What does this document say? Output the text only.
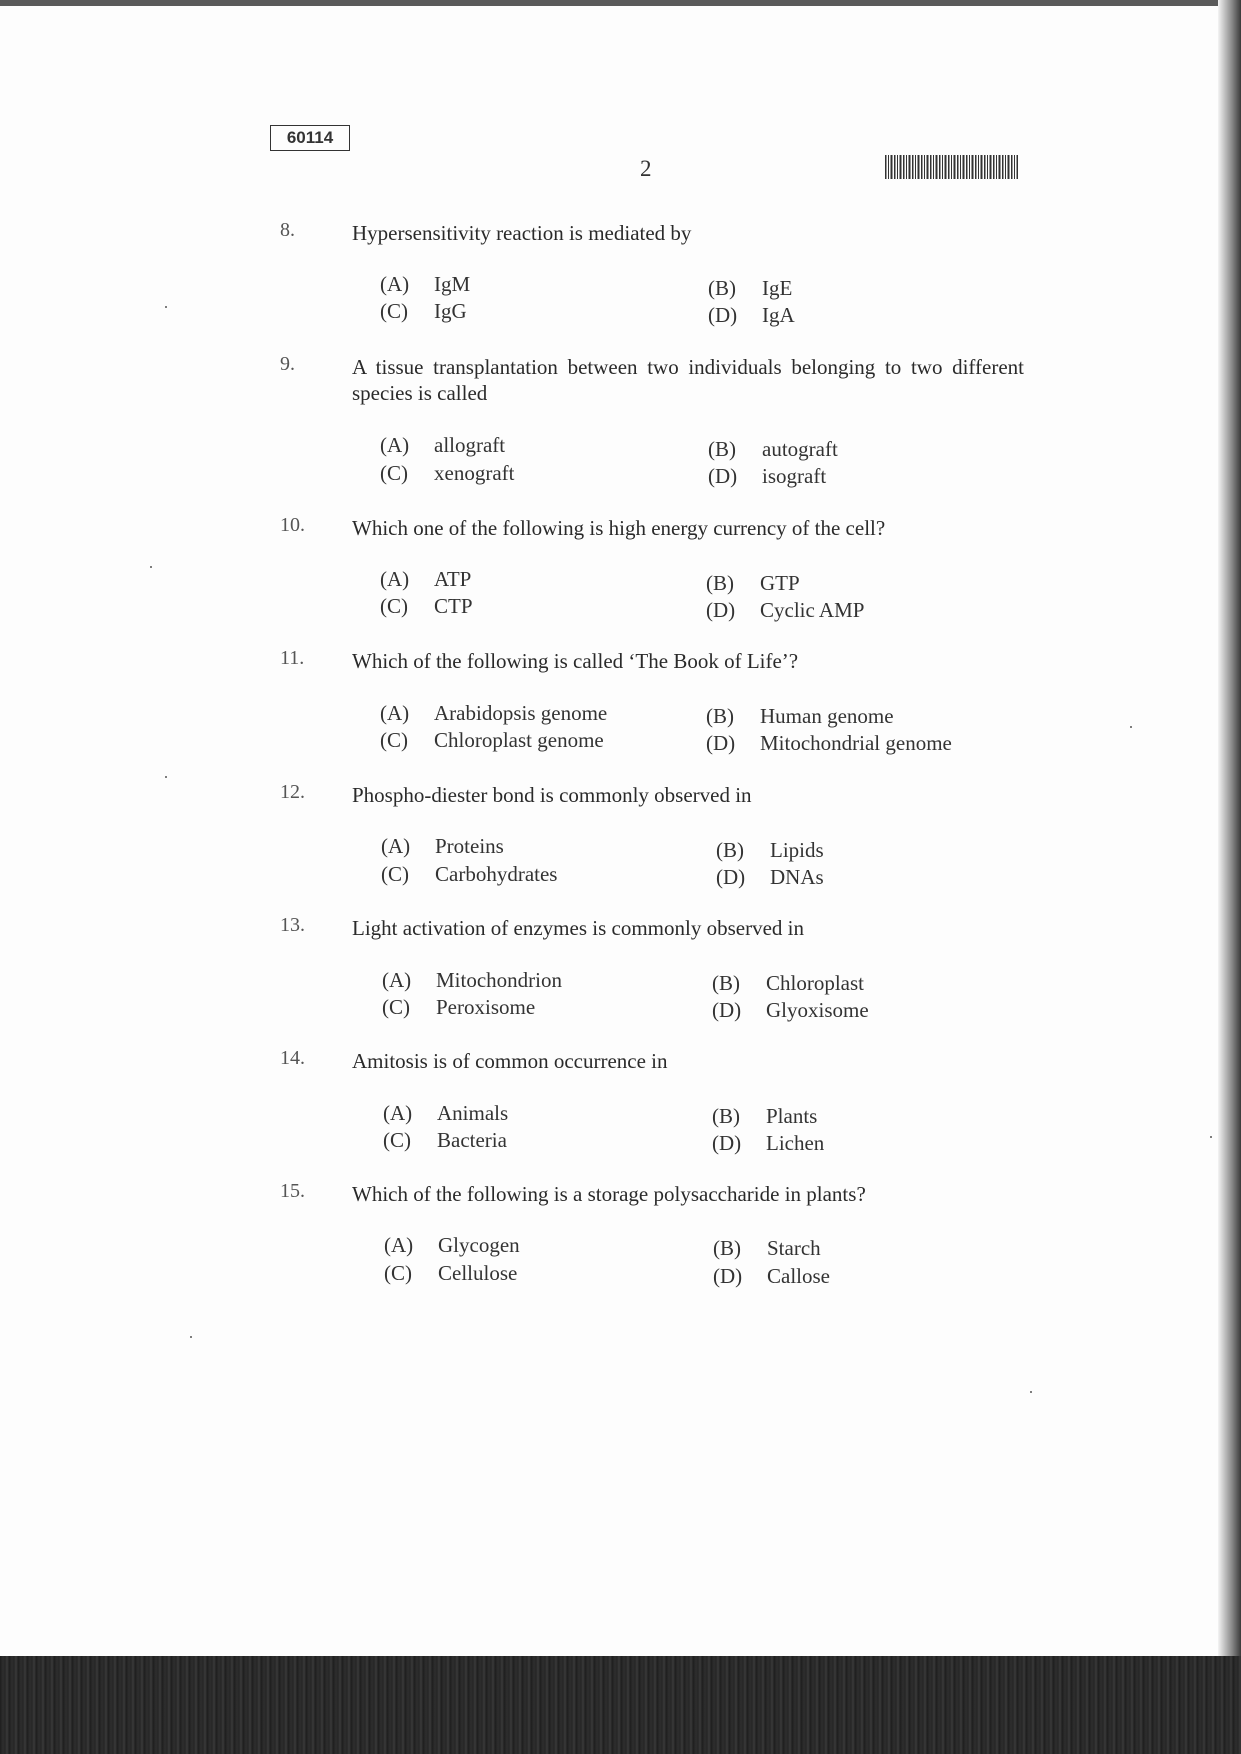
60114
2
8.	Hypersensitivity reaction is mediated by
(A) IgM	(B) IgE
(C) IgG	(D) IgA
9.	A tissue transplantation between two individuals belonging to two different species is called
(A) allograft	(B) autograft
(C) xenograft	(D) isograft
10. Which one of the following is high energy currency of the cell?
(A) ATP	(B) GTP
(C) CTP	(D) Cyclic AMP
11. Which of the following is called ‘The Book of Life’?
(A) Arabidopsis genome	(B) Human genome
(C) Chloroplast genome	(D) Mitochondrial genome
12. Phospho-diester bond is commonly observed in
(A) Proteins	(B) Lipids
(C) Carbohydrates	(D) DNAs
13. Light activation of enzymes is commonly observed in
(A) Mitochondrion	(B) Chloroplast
(C) Peroxisome	(D) Glyoxisome
14. Amitosis is of common occurrence in
(A) Animals	(B) Plants
(C) Bacteria	(D) Lichen
15. Which of the following is a storage polysaccharide in plants?
(A) Glycogen	(B) Starch
(C) Cellulose	(D) Callose
